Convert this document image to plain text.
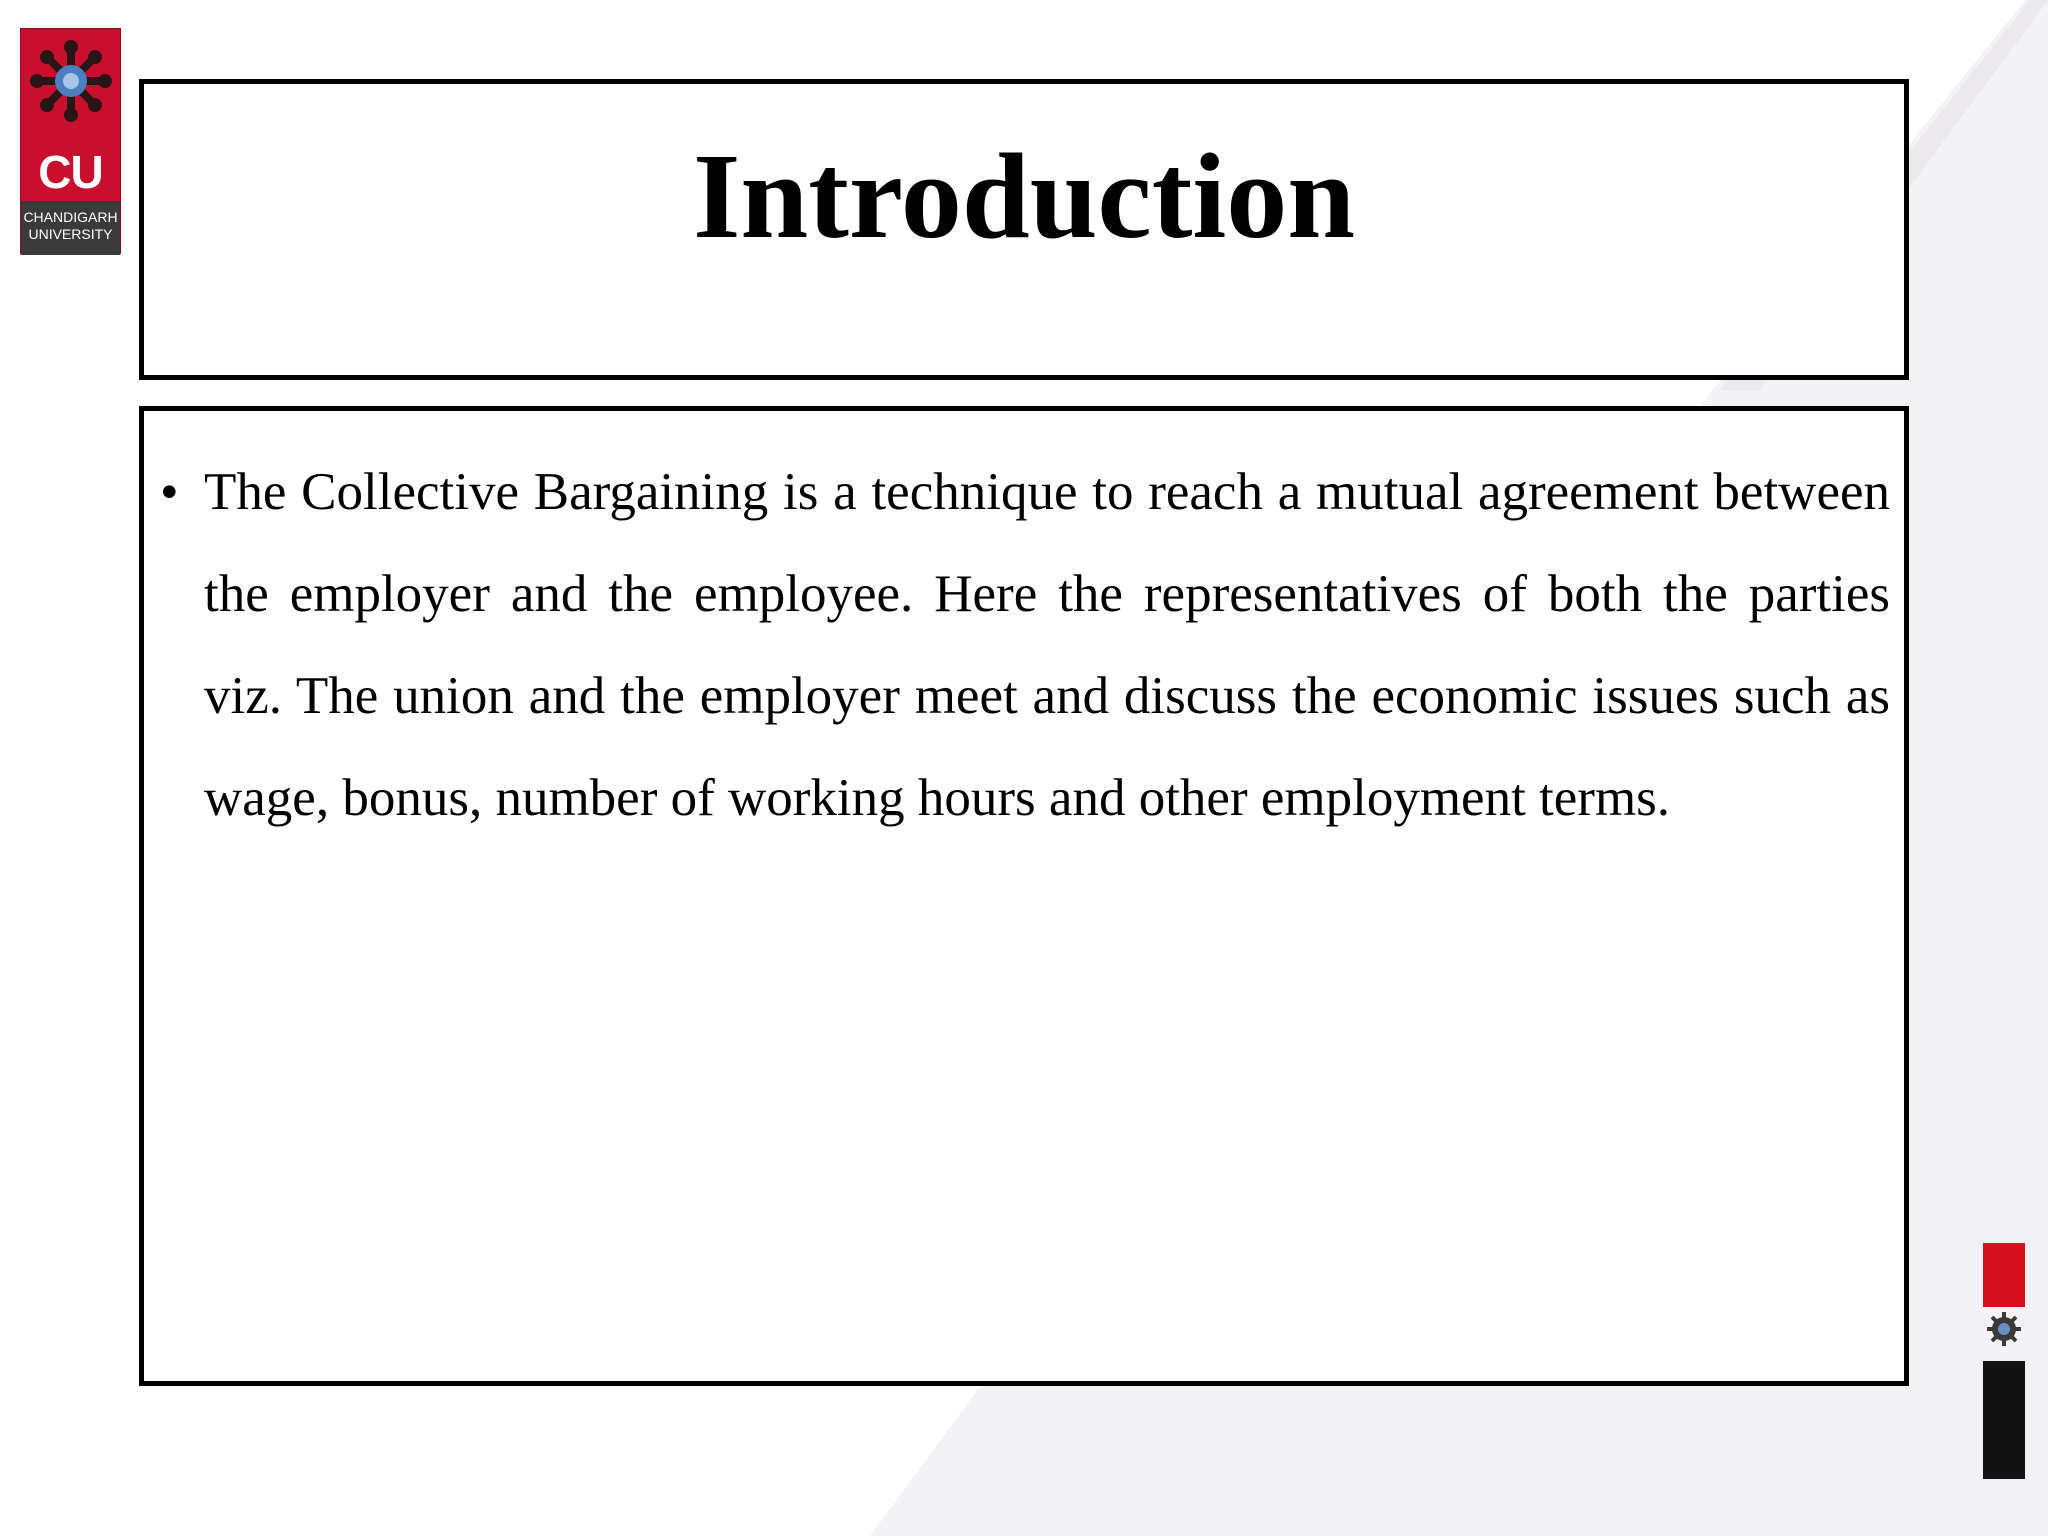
CU
CHANDIGARH
UNIVERSITY	Introduction
• The Collective Bargaining is a technique to reach a mutual agreement between the employer and the employee. Here the representatives of both the parties viz. The union and the employer meet and discuss the economic issues such as wage, bonus, number of working hours and other employment terms.
